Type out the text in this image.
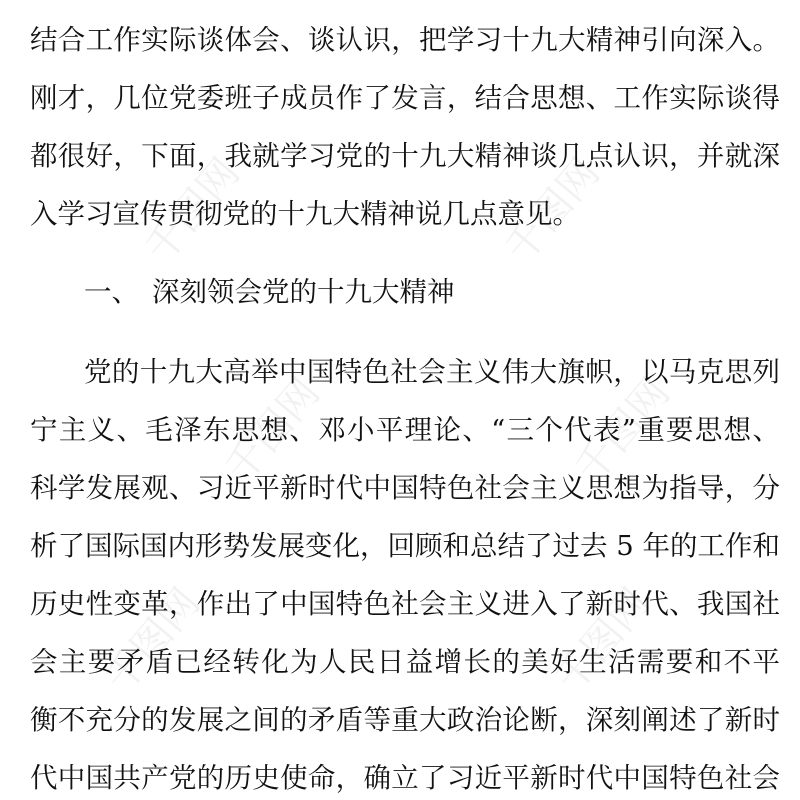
千图网	千图网
千图网	千图网
千图网	千图网
结合工作实际谈体会、谈认识，把学习十九大精神引向深入。
刚才，几位党委班子成员作了发言，结合思想、工作实际谈得
都很好，下面，我就学习党的十九大精神谈几点认识，并就深
入学习宣传贯彻党的十九大精神说几点意见。
一、 深刻领会党的十九大精神
党的十九大高举中国特色社会主义伟大旗帜，以马克思列
宁主义、毛泽东思想、邓小平理论、“三个代表”重要思想、
科学发展观、习近平新时代中国特色社会主义思想为指导，分
析了国际国内形势发展变化，回顾和总结了过去 5 年的工作和
历史性变革，作出了中国特色社会主义进入了新时代、我国社
会主要矛盾已经转化为人民日益增长的美好生活需要和不平
衡不充分的发展之间的矛盾等重大政治论断，深刻阐述了新时
代中国共产党的历史使命，确立了习近平新时代中国特色社会
